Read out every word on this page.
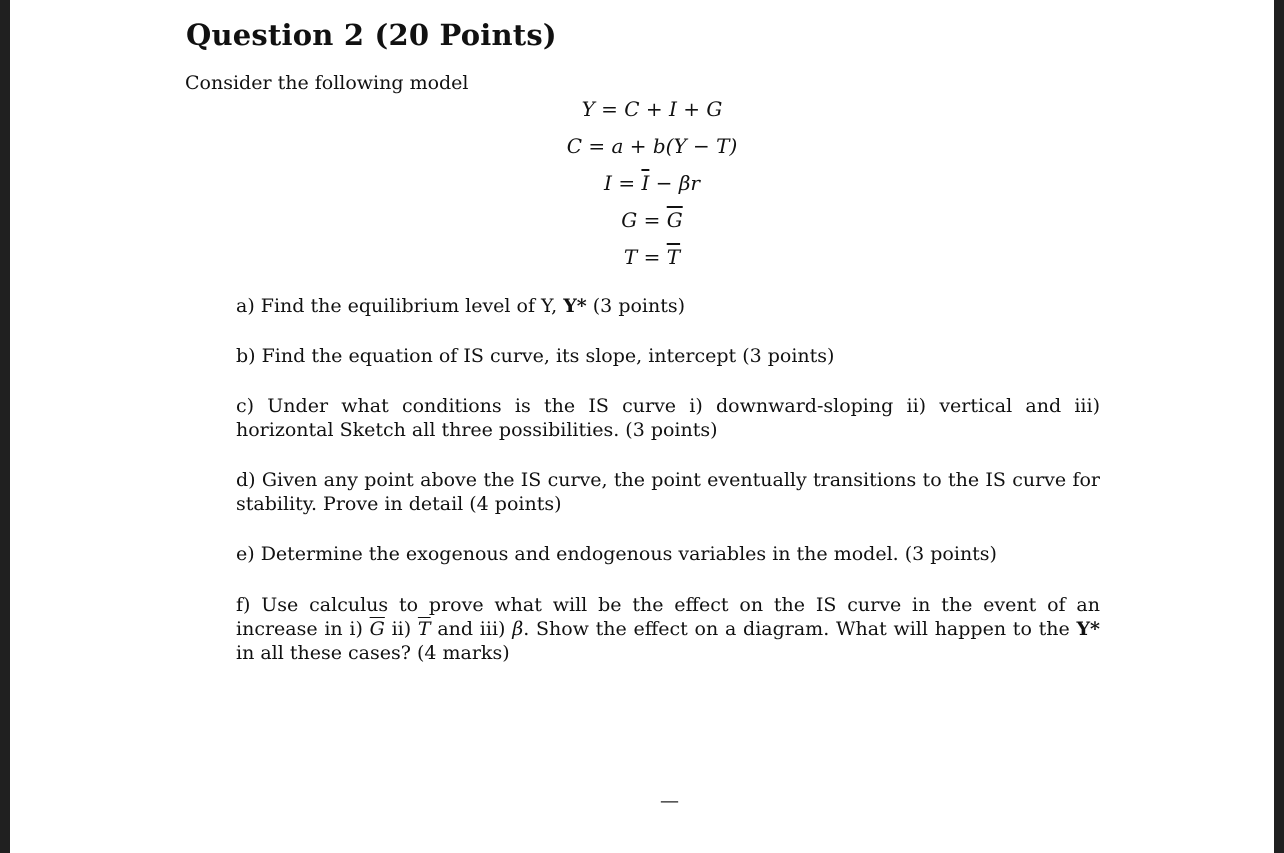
Question 2 (20 Points)
Consider the following model
Y = C + I + G
C = a + b(Y − T)
$I = \overline{I} - \beta r$
$G = \overline{G}$
$T = \overline{T}$
a) Find the equilibrium level of Y, Y* (3 points)
b) Find the equation of IS curve, its slope, intercept (3 points)
c) Under what conditions is the IS curve i) downward-sloping ii) vertical and iii) horizontal Sketch all three possibilities. (3 points)
d) Given any point above the IS curve, the point eventually transitions to the IS curve for stability. Prove in detail (4 points)
e) Determine the exogenous and endogenous variables in the model. (3 points)
f) Use calculus to prove what will be the effect on the IS curve in the event of an increase in i) $\overline{G}$ ii) $\overline{T}$ and iii) β. Show the effect on a diagram. What will happen to the Y* in all these cases? (4 marks)
—
